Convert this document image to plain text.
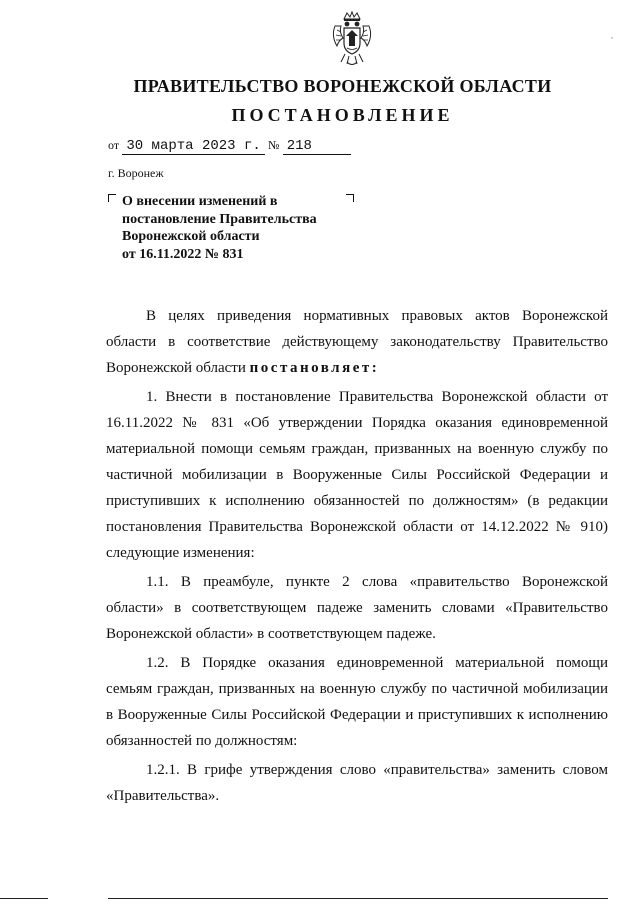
·
ПРАВИТЕЛЬСТВО ВОРОНЕЖСКОЙ ОБЛАСТИ
ПОСТАНОВЛЕНИЕ
от 30 марта 2023 г. № 218
г. Воронеж
О внесении изменений в
постановление Правительства
Воронежской области
от 16.11.2022 № 831

В целях приведения нормативных правовых актов Воронежской области в соответствие действующему законодательству Правительство Воронежской области постановляет:

1. Внести в постановление Правительства Воронежской области от 16.11.2022 № 831 «Об утверждении Порядка оказания единовременной материальной помощи семьям граждан, призванных на военную службу по частичной мобилизации в Вооруженные Силы Российской Федерации и приступивших к исполнению обязанностей по должностям» (в редакции постановления Правительства Воронежской области от 14.12.2022 № 910) следующие изменения:

1.1. В преамбуле, пункте 2 слова «правительство Воронежской области» в соответствующем падеже заменить словами «Правительство Воронежской области» в соответствующем падеже.

1.2. В Порядке оказания единовременной материальной помощи семьям граждан, призванных на военную службу по частичной мобилизации в Вооруженные Силы Российской Федерации и приступивших к исполнению обязанностей по должностям:

1.2.1. В грифе утверждения слово «правительства» заменить словом «Правительства».
